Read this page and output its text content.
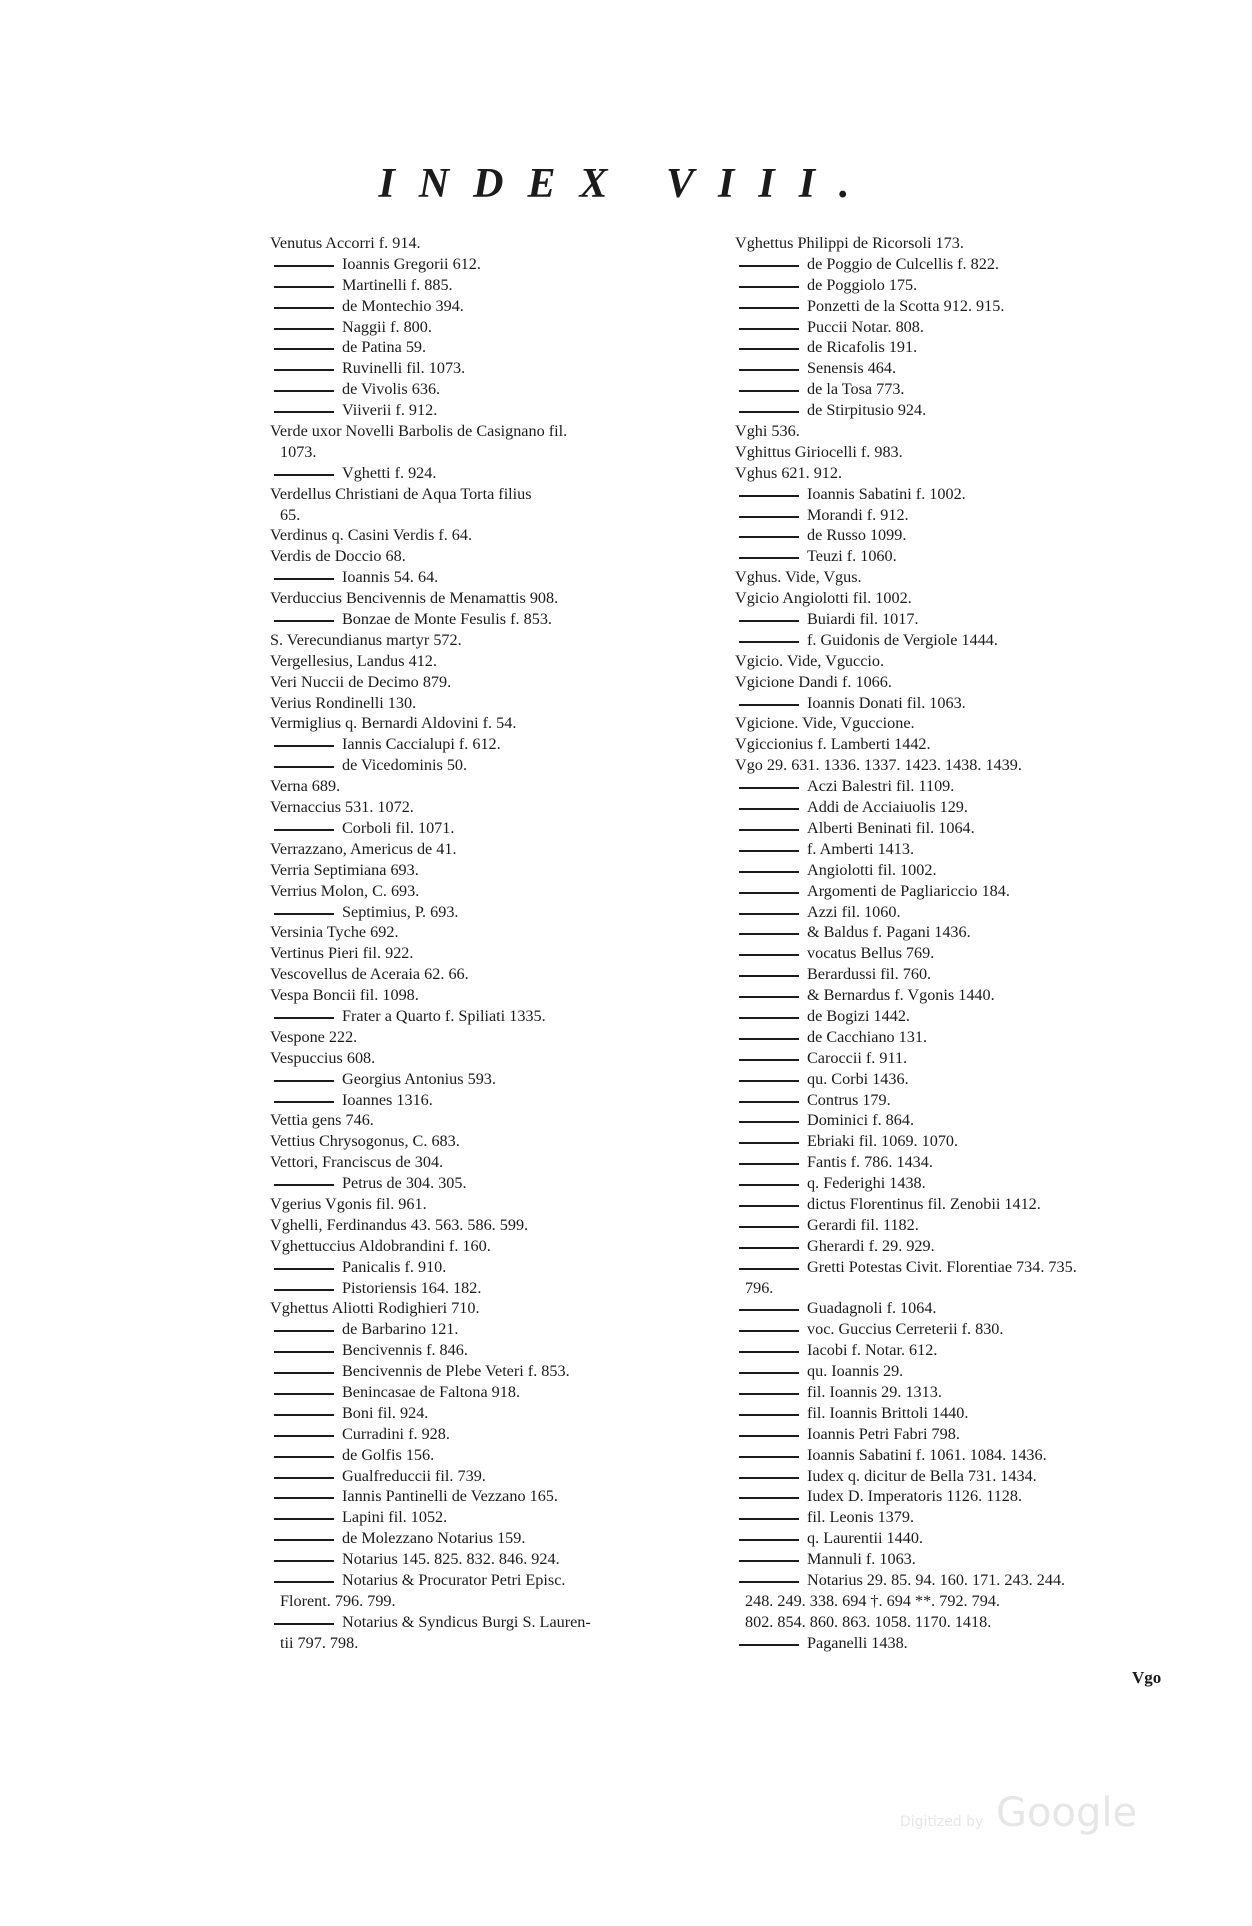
INDEX VIII.
Venutus Accorri f. 914.
Ioannis Gregorii 612.
Martinelli f. 885.
de Montechio 394.
Naggii f. 800.
de Patina 59.
Ruvinelli fil. 1073.
de Vivolis 636.
Viiverii f. 912.
Verde uxor Novelli Barbolis de Casignano fil.
1073.
Vghetti f. 924.
Verdellus Christiani de Aqua Torta filius
65.
Verdinus q. Casini Verdis f. 64.
Verdis de Doccio 68.
Ioannis 54. 64.
Verduccius Bencivennis de Menamattis 908.
Bonzae de Monte Fesulis f. 853.
S. Verecundianus martyr 572.
Vergellesius, Landus 412.
Veri Nuccii de Decimo 879.
Verius Rondinelli 130.
Vermiglius q. Bernardi Aldovini f. 54.
Iannis Caccialupi f. 612.
de Vicedominis 50.
Verna 689.
Vernaccius 531. 1072.
Corboli fil. 1071.
Verrazzano, Americus de 41.
Verria Septimiana 693.
Verrius Molon, C. 693.
Septimius, P. 693.
Versinia Tyche 692.
Vertinus Pieri fil. 922.
Vescovellus de Aceraia 62. 66.
Vespa Boncii fil. 1098.
Frater a Quarto f. Spiliati 1335.
Vespone 222.
Vespuccius 608.
Georgius Antonius 593.
Ioannes 1316.
Vettia gens 746.
Vettius Chrysogonus, C. 683.
Vettori, Franciscus de 304.
Petrus de 304. 305.
Vgerius Vgonis fil. 961.
Vghelli, Ferdinandus 43. 563. 586. 599.
Vghettuccius Aldobrandini f. 160.
Panicalis f. 910.
Pistoriensis 164. 182.
Vghettus Aliotti Rodighieri 710.
de Barbarino 121.
Bencivennis f. 846.
Bencivennis de Plebe Veteri f. 853.
Benincasae de Faltona 918.
Boni fil. 924.
Curradini f. 928.
de Golfis 156.
Gualfreduccii fil. 739.
Iannis Pantinelli de Vezzano 165.
Lapini fil. 1052.
de Molezzano Notarius 159.
Notarius 145. 825. 832. 846. 924.
Notarius & Procurator Petri Episc.
Florent. 796. 799.
Notarius & Syndicus Burgi S. Lauren-
tii 797. 798.
Vghettus Philippi de Ricorsoli 173.
de Poggio de Culcellis f. 822.
de Poggiolo 175.
Ponzetti de la Scotta 912. 915.
Puccii Notar. 808.
de Ricafolis 191.
Senensis 464.
de la Tosa 773.
de Stirpitusio 924.
Vghi 536.
Vghittus Giriocelli f. 983.
Vghus 621. 912.
Ioannis Sabatini f. 1002.
Morandi f. 912.
de Russo 1099.
Teuzi f. 1060.
Vghus. Vide, Vgus.
Vgicio Angiolotti fil. 1002.
Buiardi fil. 1017.
f. Guidonis de Vergiole 1444.
Vgicio. Vide, Vguccio.
Vgicione Dandi f. 1066.
Ioannis Donati fil. 1063.
Vgicione. Vide, Vguccione.
Vgiccionius f. Lamberti 1442.
Vgo 29. 631. 1336. 1337. 1423. 1438. 1439.
Aczi Balestri fil. 1109.
Addi de Acciaiuolis 129.
Alberti Beninati fil. 1064.
f. Amberti 1413.
Angiolotti fil. 1002.
Argomenti de Pagliariccio 184.
Azzi fil. 1060.
& Baldus f. Pagani 1436.
vocatus Bellus 769.
Berardussi fil. 760.
& Bernardus f. Vgonis 1440.
de Bogizi 1442.
de Cacchiano 131.
Caroccii f. 911.
qu. Corbi 1436.
Contrus 179.
Dominici f. 864.
Ebriaki fil. 1069. 1070.
Fantis f. 786. 1434.
q. Federighi 1438.
dictus Florentinus fil. Zenobii 1412.
Gerardi fil. 1182.
Gherardi f. 29. 929.
Gretti Potestas Civit. Florentiae 734. 735.
796.
Guadagnoli f. 1064.
voc. Guccius Cerreterii f. 830.
Iacobi f. Notar. 612.
qu. Ioannis 29.
fil. Ioannis 29. 1313.
fil. Ioannis Brittoli 1440.
Ioannis Petri Fabri 798.
Ioannis Sabatini f. 1061. 1084. 1436.
Iudex q. dicitur de Bella 731. 1434.
Iudex D. Imperatoris 1126. 1128.
fil. Leonis 1379.
q. Laurentii 1440.
Mannuli f. 1063.
Notarius 29. 85. 94. 160. 171. 243. 244.
248. 249. 338. 694 †. 694 **. 792. 794.
802. 854. 860. 863. 1058. 1170. 1418.
Paganelli 1438.
Vgo
Digitized by Google
